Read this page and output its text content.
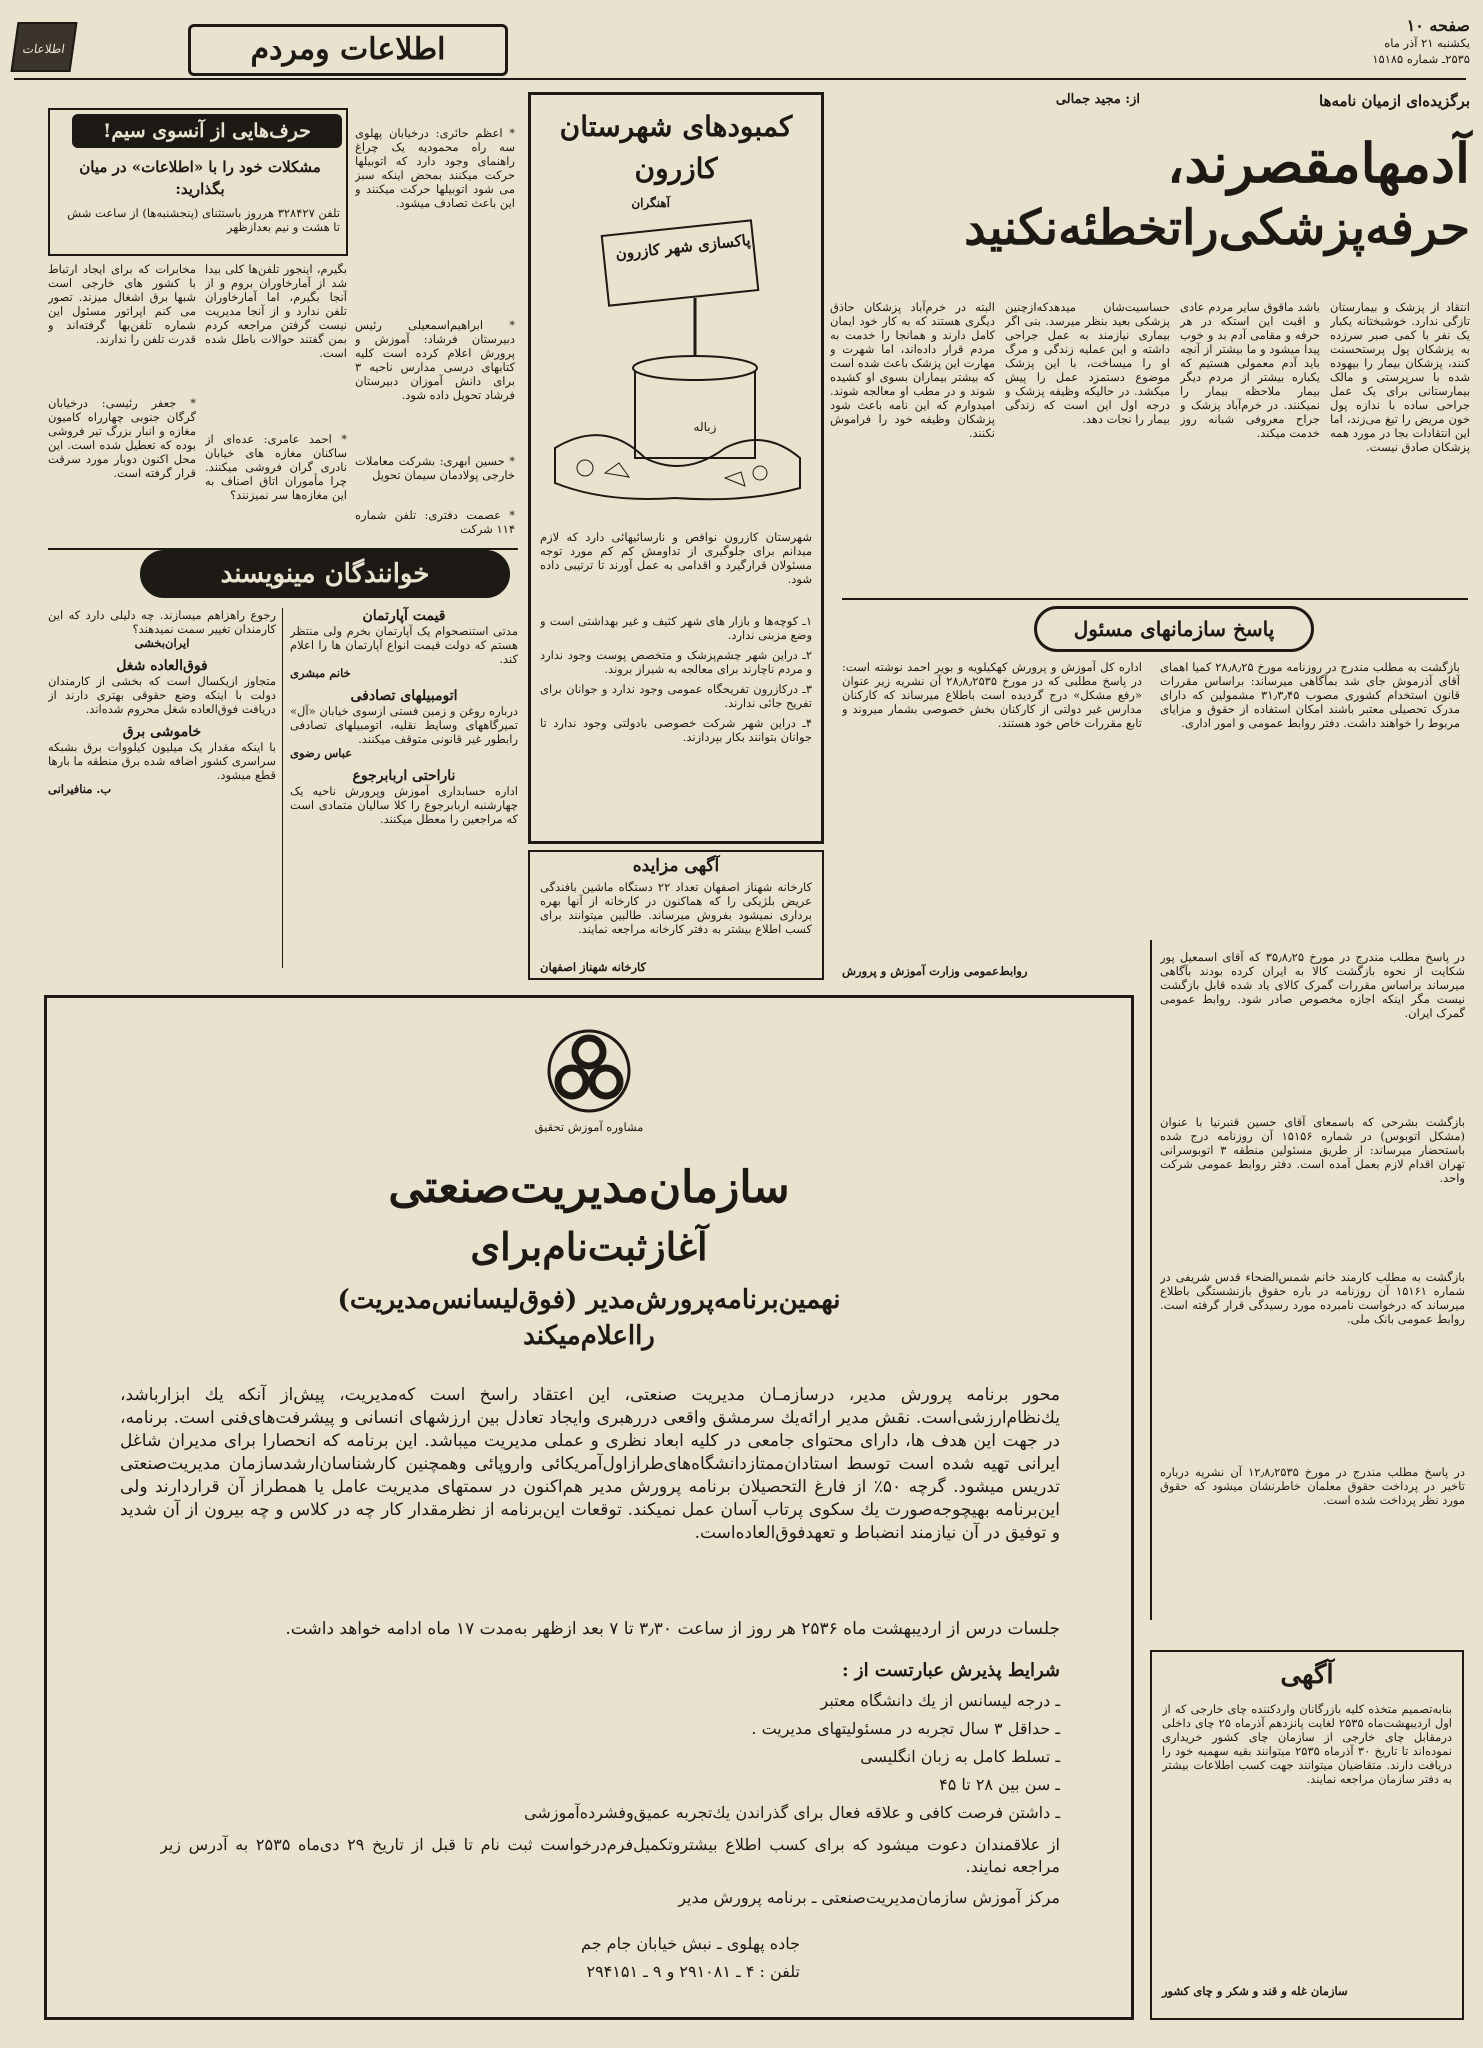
صفحه ۱۰
یکشنبه ۲۱ آذر ماه
۲۵۳۵ـ شماره ۱۵۱۸۵
اطلاعات ومردم
اطلاعات
برگزیده‌ای ازمیان نامه‌ها
از: مجید جمالی
آدمهامقصرند،
حرفه‌پزشکی‌راتخطئه‌نکنید
انتقاد از پزشک و بیمارستان تازگی ندارد. خوشبختانه یکبار یک نفر با کمی صبر سرزده به پزشکان پول پرستحسنت کنند، پزشکان بیمار را بیهوده شده با سرپرستی و مالک بیمارستانی برای یک عمل جراحی ساده با ندازه پول خون مریض را تیغ می‌زند، اما این انتقادات بجا در مورد همه پزشکان صادق نیست.
باشد ماقوق سایر مردم عادی و اقبت این استکه در هر حرفه و مقامی آدم بد و خوب پیدا میشود و ما بیشتر از آنچه باید آدم معمولی هستیم که یکباره بیشتر از مردم دیگر بیمار ملاحظه بیمار را نمیکنند. در خرم‌آباد پزشک و جراح معروفی شبانه روز خدمت میکند.
حساسیت‌شان میدهدکه‌ازچنین پزشکی بعید بنظر میرسد. بنی اگر بیماری نیازمند به عمل جراحی داشته و این عملیه زندگی و مرگ او را میساخت، با این پزشک موضوع دستمزد عمل را پیش میکشد. در حالیکه وظیفه پزشک و درجه اول این است که زندگی بیمار را نجات دهد.
البته در خرم‌آباد پزشکان حاذق دیگری هستند که به کار خود ایمان کامل دارند و همانجا را خدمت به مردم قرار داده‌اند، اما شهرت و مهارت این پزشک باعث شده است که بیشتر بیماران بسوی او کشیده شوند و در مطب او معالجه شوند. امیدوارم که این نامه باعث شود پزشکان وظیفه خود را فراموش نکنند.
پاسخ سازمانهای مسئول
بازگشت به مطلب مندرج در روزنامه مورخ ۲۸٫۸٫۲۵ کمیا اهمای آقای آذرموش جای شد بمآگاهی میرساند: براساس مقررات قانون استخدام کشوری مصوب ۳۱٫۳٫۴۵ مشمولین که دارای مدرک تحصیلی معتبر باشند امکان استفاده از حقوق و مزایای مربوط را خواهند داشت. دفتر روابط عمومی و امور اداری.
اداره کل آموزش و پرورش کهکیلویه و بویر احمد نوشته است: در پاسخ مطلبی که در مورخ ۲۸٫۸٫۲۵۳۵ آن نشریه زیر عنوان «رفع مشکل» درج گردیده است باطلاع میرساند که کارکنان مدارس غیر دولتی از کارکنان بخش خصوصی بشمار میروند و تابع مقررات خاص خود هستند.
روابط‌عمومی وزارت آموزش و پرورش
در پاسخ مطلب مندرج در مورخ ۳۵٫۸٫۲۵ که آقای اسمعیل پور شکایت از نحوه بازگشت کالا به ایران کرده بودند بآگاهی میرساند براساس مقررات گمرک کالای یاد شده قابل بازگشت نیست مگر اینکه اجازه مخصوص صادر شود. روابط عمومی گمرک ایران.
بازگشت بشرحی که باسمعای آقای حسین قنبرنیا با عنوان (مشکل اتوبوس) در شماره ۱۵۱۵۶ آن روزنامه درج شده باستحضار میرساند: از طریق مسئولین منطقه ۳ اتوبوسرانی تهران اقدام لازم بعمل آمده است. دفتر روابط عمومی شرکت واحد.
بازگشت به مطلب کارمند خانم شمس‌الضحاء قدس شریفی در شماره ۱۵۱۶۱ آن روزنامه در باره حقوق بازنشستگی باطلاع میرساند که درخواست نامبرده مورد رسیدگی قرار گرفته است. روابط عمومی بانک ملی.
در پاسخ مطلب مندرج در مورخ ۱۲٫۸٫۲۵۳۵ آن نشریه درباره تاخیر در پرداخت حقوق معلمان خاطرنشان میشود که حقوق مورد نظر پرداخت شده است.
آگهی
بنابه‌تصمیم متخذه کلیه بازرگانان واردکننده چای خارجی که از اول اردیبهشت‌ماه ۲۵۳۵ لغایت پانزدهم آذرماه ۲۵ چای داخلی درمقابل چای خارجی از سازمان چای کشور خریداری نموده‌اند تا تاریخ ۳۰ آذرماه ۲۵۳۵ میتوانند بقیه سهمیه خود را دریافت دارند. متقاضیان میتوانند جهت کسب اطلاعات بیشتر به دفتر سازمان مراجعه نمایند.
سازمان غله و قند و شکر و چای کشور
کمبودهای شهرستان
کازرون
آهنگران
پاکسازی شهر کازرون
زباله
شهرستان کازرون نوافص و نارسائیهائی دارد که لازم میدانم برای جلوگیری از تداومش کم کم مورد توجه مسئولان قرارگیرد و اقدامی به عمل آورند تا ترتیبی داده شود.
۱ـ کوچه‌ها و بازار های شهر کثیف و غیر بهداشتی است و وضع مزبنی ندارد.
۲ـ دراین شهر چشم‌پزشک و متخصص پوست وجود ندارد و مردم ناچارند برای معالجه به شیراز بروند.
۳ـ درکازرون تفریحگاه عمومی وجود ندارد و جوانان برای تفریح جائی ندارند.
۴ـ دراین شهر شرکت خصوصی بادولتی وجود ندارد تا جوانان بتوانند بکار بپردازند.
آگهی مزایده
کارخانه شهناز اصفهان تعداد ۲۲ دستگاه ماشین بافندگی عریض بلژیکی را که هماکنون در کارخانه از آنها بهره برداری نمیشود بفروش میرساند. طالبین میتوانند برای کسب اطلاع بیشتر به دفتر کارخانه مراجعه نمایند.
کارخانه شهناز اصفهان
حرف‌هایی از آنسوی سیم!
مشکلات خود را با «اطلاعات» در میان بگذارید:
تلفن ۳۲۸۴۲۷ هرروز باستثنای (پنجشنبه‌ها) از ساعت شش تا هشت و نیم بعدازظهر
* اعظم حائری: درخیابان پهلوی سه راه محمودیه یک چراغ راهنمای وجود دارد که اتوبیلها حرکت میکنند بمحض اینکه سبز می شود اتوبیلها حرکت میکنند و این باعث تصادف میشود.
* ابراهیم‌اسمعیلی رئیس دبیرستان فرشاد: آموزش و پرورش اعلام کرده است کلیه کتابهای درسی مدارس ناحیه ۳ برای دانش آموزان دبیرستان فرشاد تحویل داده شود.
* حسین ابهری: بشرکت معاملات خارجی پولادمان سیمان تحویل
* عصمت دفتری: تلفن شماره ۱۱۴ شرکت
بگیرم، اینجور تلفن‌ها کلی بیدا شد از آمارخاوران بروم و از آنجا بگیرم، اما آمارخاوران تلفن ندارد و از آنجا مدیریت نیست گرفتن مراجعه کردم بمن گفتند حوالات باطل شده است.
* احمد عامری: عده‌ای از ساکنان مغازه های خیابان نادری گران فروشی میکنند. چرا مأموران اتاق اصناف به این مغازه‌ها سر نمیزنند؟
مخابرات که برای ایجاد ارتباط با کشور های خارجی است شبها برق اشغال میزند. تصور می کنم اپراتور مسئول این شماره تلفن‌بها گرفته‌اند و قدرت تلفن را ندارند.
* جعفر رئیسی: درخیابان گرگان جنوبی چهارراه کامیون مغازه و انبار بزرگ تیر فروشی بوده که تعطیل شده است. این محل اکنون دوبار مورد سرقت قرار گرفته است.
خوانندگان مینویسند
قیمت آپارتمان
مدتی استنصحوام یک آپارتمان بخرم ولی منتظر هستم که دولت قیمت انواع آپارتمان ها را اعلام کند.
خانم مبشری
اتومبیلهای تصادفی
درباره روغن و زمین فستی ازسوی خیابان «آل» تمیرگاههای وسایط نقلیه، اتومبیلهای تصادفی رابطور غیر قانونی متوقف میکنند.
عباس رضوی
ناراحتی اربابرجوع
اداره حسابداری آموزش وپرورش ناحیه یک چهارشنبه اربابرجوع را کلا سالیان متمادی است که مراجعین را معطل میکنند.
رجوع راهزاهم میسازند. چه دلیلی دارد که این کارمندان تغییر سمت نمیدهند؟
ایران‌بخشی
فوق‌العاده شغل
متجاوز ازیکسال است که بخشی از کارمندان دولت با اینکه وضع حقوقی بهتری دارند از دریافت فوق‌العاده شغل محروم شده‌اند.
خاموشی برق
با اینکه مقدار یک میلیون کیلووات برق بشبکه سراسری کشور اضافه شده برق منطقه ما بارها قطع میشود.
ب. منافیرانی
مشاوره آموزش تحقیق
سازمان‌مدیریت‌صنعتی
آغازثبت‌نام‌برای
نهمین‌برنامه‌پرورش‌مدیر (فوق‌لیسانس‌مدیریت)
رااعلام‌میکند
محور برنامه پرورش مدیر، درسازمـان مدیریت صنعتی، این اعتقاد راسخ است که‌مدیریت، پیش‌از آنکه یك ابزارباشد، یك‌نظام‌ارزشی‌است. نقش مدیر ارائه‌یك سرمشق واقعی دررهبری وایجاد تعادل بین ارزشهای انسانی و پیشرفت‌های‌فنی است. برنامه، در جهت این هدف ها، دارای محتوای جامعی در کلیه ابعاد نظری و عملی مدیریت میباشد. این برنامه که انحصارا برای مدیران شاغل ایرانی تهیه شده است توسط استادان‌ممتازدانشگاه‌های‌طرازاول‌آمریکائی واروپائی وهمچنین کارشناسان‌ارشدسازمان مدیریت‌صنعتی تدریس میشود. گرچه ۵۰٪ از فارغ التحصیلان برنامه پرورش مدیر هم‌اکنون در سمتهای مدیریت عامل یا همطراز آن قراردارند ولی این‌برنامه بهیچوجه‌صورت یك سکوی پرتاب آسان عمل نمیکند. توقعات این‌برنامه از نظرمقدار کار چه در کلاس و چه بیرون از آن شدید و توفیق در آن نیازمند انضباط و تعهدفوق‌العاده‌است.
جلسات درس از اردیبهشت ماه ۲۵۳۶ هر روز از ساعت ۳٫۳۰ تا ۷ بعد ازظهر به‌مدت ۱۷ ماه ادامه خواهد داشت.
شرایط پذیرش عبارتست از :
ـ درجه لیسانس از یك دانشگاه معتبر
ـ حداقل ۳ سال تجربه در مسئولیتهای مدیریت .
ـ تسلط کامل به زبان انگلیسی
ـ سن بین ۲۸ تا ۴۵
ـ داشتن فرصت کافی و علاقه فعال برای گذراندن یك‌تجربه عمیق‌وفشرده‌آموزشی
از علاقمندان دعوت میشود که برای کسب اطلاع بیشتروتکمیل‌فرم‌درخواست ثبت نام تا قبل از تاریخ ۲۹ دی‌ماه ۲۵۳۵ به آدرس زیر مراجعه نمایند.
مرکز آموزش سازمان‌مدیریت‌صنعتی ـ برنامه پرورش مدیر
جاده پهلوی ـ نبش خیابان جام جم
تلفن : ۴ ـ ۲۹۱۰۸۱ و ۹ ـ ۲۹۴۱۵۱
